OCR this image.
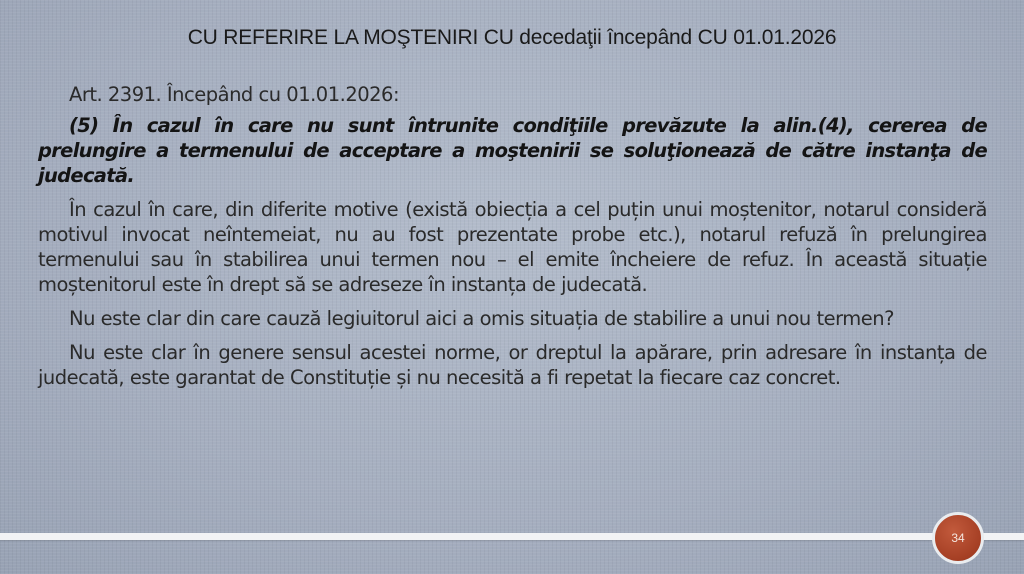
CU REFERIRE LA MOŞTENIRI CU decedaţii începând CU 01.01.2026

Art. 2391. Începând cu 01.01.2026:

(5) În cazul în care nu sunt întrunite condiţiile prevăzute la alin.(4), cererea de prelungire a termenului de acceptare a moştenirii se soluţionează de către instanţa de judecată.

În cazul în care, din diferite motive (există obiecția a cel puțin unui moștenitor, notarul consideră motivul invocat neîntemeiat, nu au fost prezentate probe etc.), notarul refuză în prelungirea termenului sau în stabilirea unui termen nou – el emite încheiere de refuz. În această situație moștenitorul este în drept să se adreseze în instanța de judecată.

Nu este clar din care cauză legiuitorul aici a omis situația de stabilire a unui nou termen?

Nu este clar în genere sensul acestei norme, or dreptul la apărare, prin adresare în instanța de judecată, este garantat de Constituție și nu necesită a fi repetat la fiecare caz concret.

34
